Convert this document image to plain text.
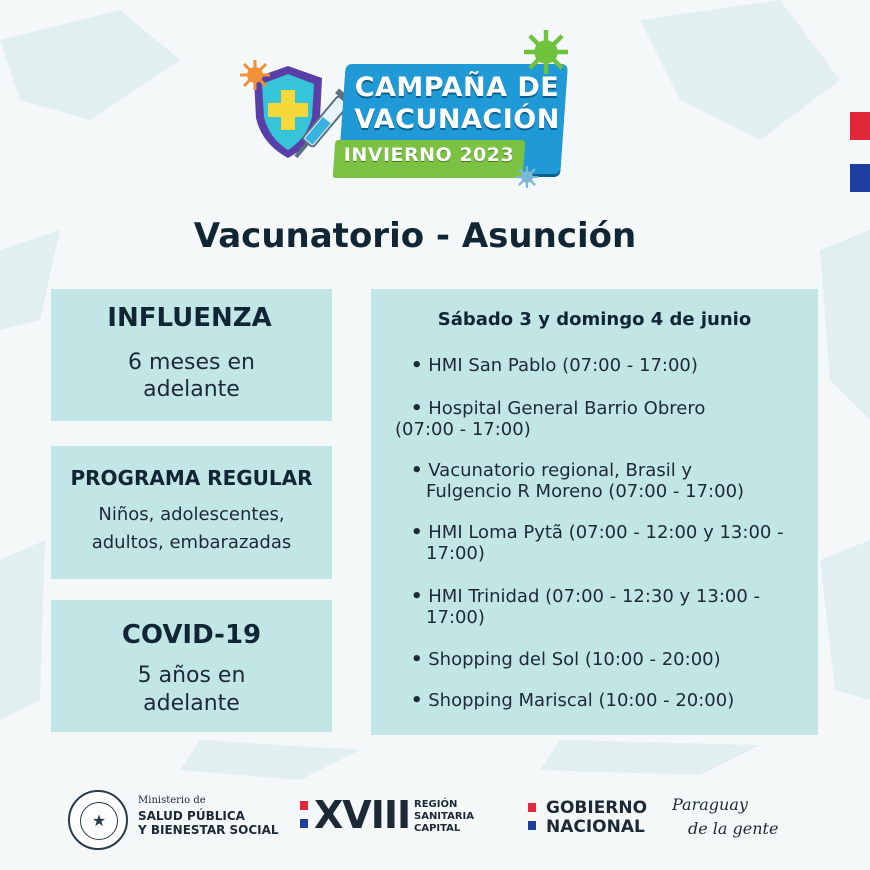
CAMPAÑA DE
VACUNACIÓN
INVIERNO 2023
Vacunatorio - Asunción
INFLUENZA

6 meses en
adelante

PROGRAMA REGULAR

Niños, adolescentes,
adultos, embarazadas

COVID-19

5 años en
adelante

Sábado 3 y domingo 4 de junio
• HMI San Pablo (07:00 - 17:00)
• Hospital General Barrio Obrero
(07:00 - 17:00)
• Vacunatorio regional, Brasil y
Fulgencio R Moreno (07:00 - 17:00)
• HMI Loma Pytã (07:00 - 12:00 y 13:00 -
17:00)
• HMI Trinidad (07:00 - 12:30 y 13:00 -
17:00)
• Shopping del Sol (10:00 - 20:00)
• Shopping Mariscal (10:00 - 20:00)
★
Ministerio de
SALUD PÚBLICA
Y BIENESTAR SOCIAL XVIII REGIÓN
SANITARIA
CAPITAL
GOBIERNO
NACIONAL
Paraguay
de la gente
